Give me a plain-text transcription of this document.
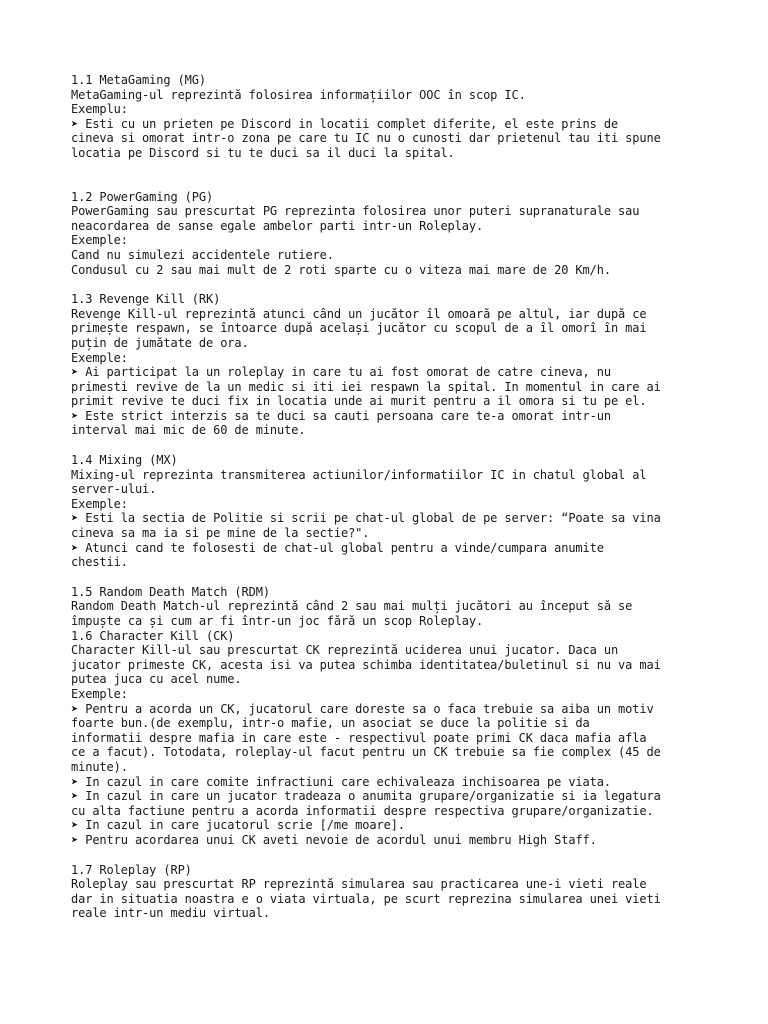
1.1 MetaGaming (MG)
MetaGaming-ul reprezintă folosirea informațiilor OOC în scop IC.
Exemplu:
➤ Esti cu un prieten pe Discord in locatii complet diferite, el este prins de
cineva si omorat intr-o zona pe care tu IC nu o cunosti dar prietenul tau iti spune
locatia pe Discord si tu te duci sa il duci la spital.
1.2 PowerGaming (PG)
PowerGaming sau prescurtat PG reprezinta folosirea unor puteri supranaturale sau
neacordarea de sanse egale ambelor parti intr-un Roleplay.
Exemple:
Cand nu simulezi accidentele rutiere.
Condusul cu 2 sau mai mult de 2 roti sparte cu o viteza mai mare de 20 Km/h.
1.3 Revenge Kill (RK)
Revenge Kill-ul reprezintă atunci când un jucător îl omoară pe altul, iar după ce
primește respawn, se întoarce după același jucător cu scopul de a îl omorî în mai
puțin de jumătate de ora.
Exemple:
➤ Ai participat la un roleplay in care tu ai fost omorat de catre cineva, nu
primesti revive de la un medic si iti iei respawn la spital. In momentul in care ai
primit revive te duci fix in locatia unde ai murit pentru a il omora si tu pe el.
➤ Este strict interzis sa te duci sa cauti persoana care te-a omorat intr-un
interval mai mic de 60 de minute.
1.4 Mixing (MX)
Mixing-ul reprezinta transmiterea actiunilor/informatiilor IC in chatul global al
server-ului.
Exemple:
➤ Esti la sectia de Politie si scrii pe chat-ul global de pe server: “Poate sa vina
cineva sa ma ia si pe mine de la sectie?".
➤ Atunci cand te folosesti de chat-ul global pentru a vinde/cumpara anumite
chestii.
1.5 Random Death Match (RDM)
Random Death Match-ul reprezintă când 2 sau mai mulți jucători au început să se
împuște ca și cum ar fi într-un joc fără un scop Roleplay.
1.6 Character Kill (CK)
Character Kill-ul sau prescurtat CK reprezintă uciderea unui jucator. Daca un
jucator primeste CK, acesta isi va putea schimba identitatea/buletinul si nu va mai
putea juca cu acel nume.
Exemple:
➤ Pentru a acorda un CK, jucatorul care doreste sa o faca trebuie sa aiba un motiv
foarte bun.(de exemplu, intr-o mafie, un asociat se duce la politie si da
informatii despre mafia in care este - respectivul poate primi CK daca mafia afla
ce a facut). Totodata, roleplay-ul facut pentru un CK trebuie sa fie complex (45 de
minute).
➤ In cazul in care comite infractiuni care echivaleaza inchisoarea pe viata.
➤ In cazul in care un jucator tradeaza o anumita grupare/organizatie si ia legatura
cu alta factiune pentru a acorda informatii despre respectiva grupare/organizatie.
➤ In cazul in care jucatorul scrie [/me moare].
➤ Pentru acordarea unui CK aveti nevoie de acordul unui membru High Staff.
1.7 Roleplay (RP)
Roleplay sau prescurtat RP reprezintă simularea sau practicarea une-i vieti reale
dar in situatia noastra e o viata virtuala, pe scurt reprezina simularea unei vieti
reale intr-un mediu virtual.
